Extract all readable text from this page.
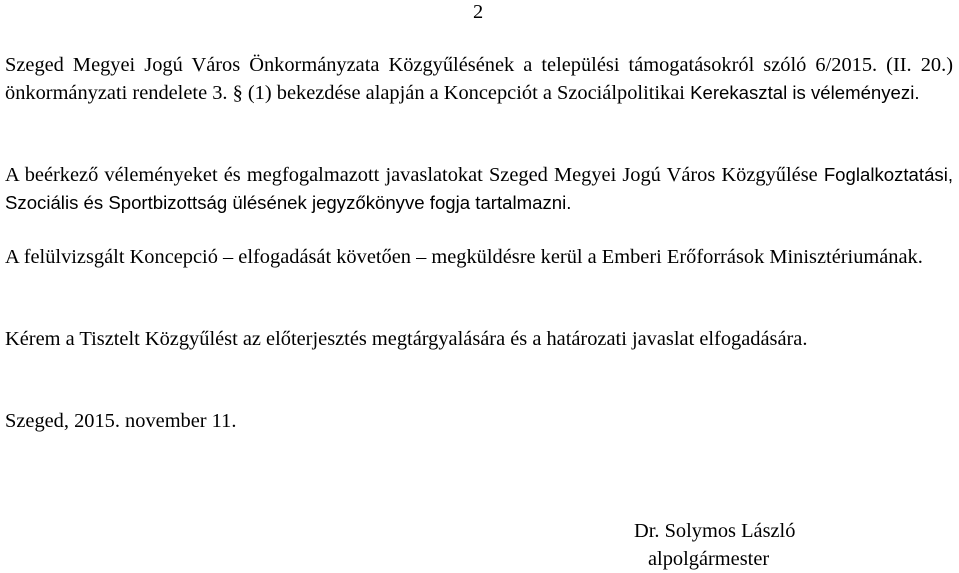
2

Szeged Megyei Jogú Város Önkormányzata Közgyűlésének a települési támogatásokról szóló 6/2015. (II. 20.) önkormányzati rendelete 3. § (1) bekezdése alapján a Koncepciót a Szociálpolitikai Kerekasztal is véleményezi.

A beérkező véleményeket és megfogalmazott javaslatokat Szeged Megyei Jogú Város Közgyűlése Foglalkoztatási, Szociális és Sportbizottság ülésének jegyzőkönyve fogja tartalmazni.

A felülvizsgált Koncepció – elfogadását követően – megküldésre kerül a Emberi Erőforrások Minisztériumának.

Kérem a Tisztelt Közgyűlést az előterjesztés megtárgyalására és a határozati javaslat elfogadására.

Szeged, 2015. november 11.
Dr. Solymos László
alpolgármester
